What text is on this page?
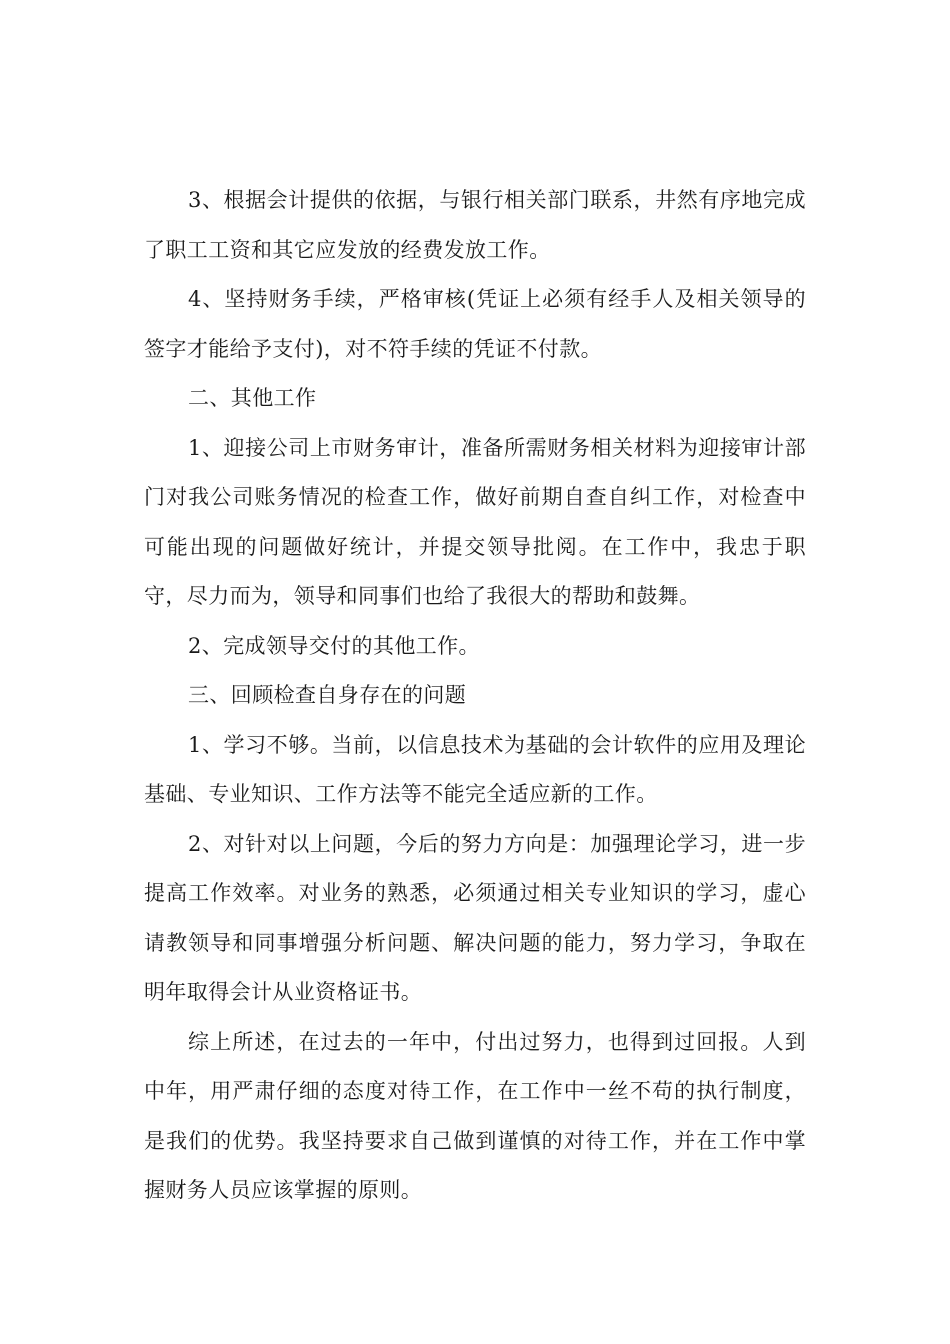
3、根据会计提供的依据，与银行相关部门联系，井然有序地完成了职工工资和其它应发放的经费发放工作。

4、坚持财务手续，严格审核(凭证上必须有经手人及相关领导的签字才能给予支付)，对不符手续的凭证不付款。

二、其他工作

1、迎接公司上市财务审计，准备所需财务相关材料为迎接审计部门对我公司账务情况的检查工作，做好前期自查自纠工作，对检查中可能出现的问题做好统计，并提交领导批阅。在工作中，我忠于职守，尽力而为，领导和同事们也给了我很大的帮助和鼓舞。

2、完成领导交付的其他工作。

三、回顾检查自身存在的问题

1、学习不够。当前，以信息技术为基础的会计软件的应用及理论基础、专业知识、工作方法等不能完全适应新的工作。

2、对针对以上问题，今后的努力方向是：加强理论学习，进一步提高工作效率。对业务的熟悉，必须通过相关专业知识的学习，虚心请教领导和同事增强分析问题、解决问题的能力，努力学习，争取在明年取得会计从业资格证书。

综上所述，在过去的一年中，付出过努力，也得到过回报。人到中年，用严肃仔细的态度对待工作，在工作中一丝不苟的执行制度，是我们的优势。我坚持要求自己做到谨慎的对待工作，并在工作中掌握财务人员应该掌握的原则。
